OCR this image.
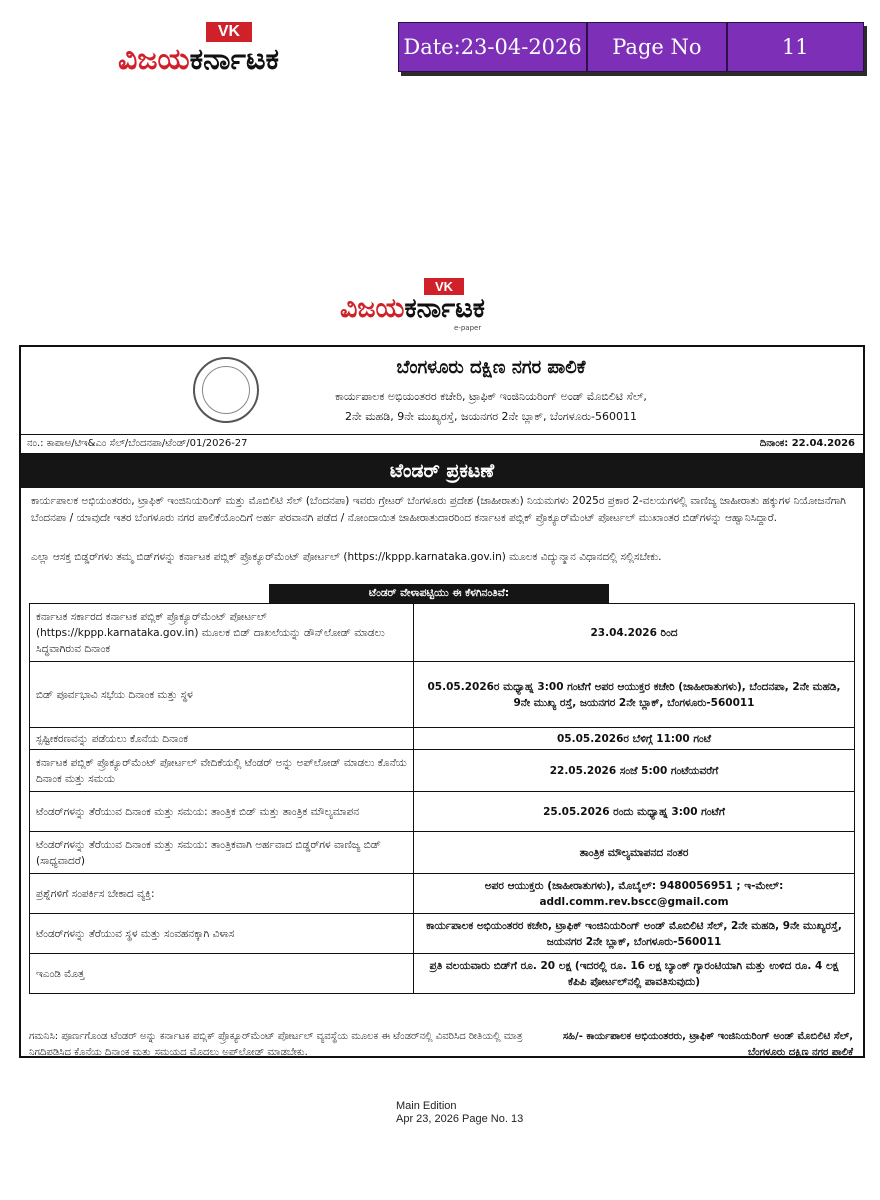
VK
ವಿಜಯಕರ್ನಾಟಕ	Date:23-04-2026	Page No	11
VK
ವಿಜಯಕರ್ನಾಟಕ
e-paper
ಬೆಂಗಳೂರು ದಕ್ಷಿಣ ನಗರ ಪಾಲಿಕೆ
ಕಾರ್ಯಪಾಲಕ ಅಭಿಯಂತರರ ಕಚೇರಿ, ಟ್ರಾಫಿಕ್ ಇಂಜಿನಿಯರಿಂಗ್ ಅಂಡ್ ಮೊಬಿಲಿಟಿ ಸೆಲ್,
2ನೇ ಮಹಡಿ, 9ನೇ ಮುಖ್ಯರಸ್ತೆ, ಜಯನಗರ 2ನೇ ಬ್ಲಾಕ್, ಬೆಂಗಳೂರು-560011
ನಂ.: ಕಾಪಾಅ/ಟಿಇ&ಎಂ ಸೆಲ್/ಬೆಂದನಪಾ/ಟೆಂಡ್/01/2026-27	ದಿನಾಂಕ: 22.04.2026
ಟೆಂಡರ್ ಪ್ರಕಟಣೆ
ಕಾರ್ಯಪಾಲಕ ಅಭಿಯಂತರರು, ಟ್ರಾಫಿಕ್ ಇಂಜಿನಿಯರಿಂಗ್ ಮತ್ತು ಮೊಬಿಲಿಟಿ ಸೆಲ್ (ಬೆಂದನಪಾ) ಇವರು ಗ್ರೇಟರ್ ಬೆಂಗಳೂರು ಪ್ರದೇಶ (ಜಾಹೀರಾತು) ನಿಯಮಗಳು 2025ರ ಪ್ರಕಾರ 2-ವಲಯಗಳಲ್ಲಿ ವಾಣಿಜ್ಯ ಜಾಹೀರಾತು ಹಕ್ಕುಗಳ ನಿಯೋಜನೆಗಾಗಿ ಬೆಂದನಪಾ / ಯಾವುದೇ ಇತರ ಬೆಂಗಳೂರು ನಗರ ಪಾಲಿಕೆಯೊಂದಿಗೆ ಅರ್ಹ ಪರವಾನಗಿ ಪಡೆದ / ನೋಂದಾಯಿತ ಜಾಹೀರಾತುದಾರರಿಂದ ಕರ್ನಾಟಕ ಪಬ್ಲಿಕ್ ಪ್ರೊಕ್ಯೂರ್‌ಮೆಂಟ್ ಪೋರ್ಟಲ್ ಮುಖಾಂತರ ಬಿಡ್‌ಗಳನ್ನು ಆಹ್ವಾನಿಸಿದ್ದಾರೆ.
ಎಲ್ಲಾ ಆಸಕ್ತ ಬಿಡ್ಡರ್‌ಗಳು ತಮ್ಮ ಬಿಡ್‌ಗಳನ್ನು ಕರ್ನಾಟಕ ಪಬ್ಲಿಕ್ ಪ್ರೊಕ್ಯೂರ್‌ಮೆಂಟ್ ಪೋರ್ಟಲ್ (https://kppp.karnataka.gov.in) ಮೂಲಕ ವಿದ್ಯುನ್ಮಾನ ವಿಧಾನದಲ್ಲಿ ಸಲ್ಲಿಸಬೇಕು.
ಟೆಂಡರ್ ವೇಳಾಪಟ್ಟಿಯು ಈ ಕೆಳಗಿನಂತಿವೆ:
ಕರ್ನಾಟಕ ಸರ್ಕಾರದ ಕರ್ನಾಟಕ ಪಬ್ಲಿಕ್ ಪ್ರೊಕ್ಯೂರ್‌ಮೆಂಟ್ ಪೋರ್ಟಲ್ (https://kppp.karnataka.gov.in) ಮೂಲಕ ಬಿಡ್ ದಾಖಲೆಯನ್ನು ಡೌನ್‌ಲೋಡ್ ಮಾಡಲು ಸಿದ್ಧವಾಗಿರುವ ದಿನಾಂಕ	23.04.2026 ರಿಂದ
ಬಿಡ್ ಪೂರ್ವಭಾವಿ ಸಭೆಯ ದಿನಾಂಕ ಮತ್ತು ಸ್ಥಳ	05.05.2026ರ ಮಧ್ಯಾಹ್ನ 3:00 ಗಂಟೆಗೆ ಅಪರ ಆಯುಕ್ತರ ಕಚೇರಿ (ಜಾಹೀರಾತುಗಳು), ಬೆಂದನಪಾ, 2ನೇ ಮಹಡಿ, 9ನೇ ಮುಖ್ಯ ರಸ್ತೆ, ಜಯನಗರ 2ನೇ ಬ್ಲಾಕ್, ಬೆಂಗಳೂರು-560011
ಸ್ಪಷ್ಟೀಕರಣವನ್ನು ಪಡೆಯಲು ಕೊನೆಯ ದಿನಾಂಕ	05.05.2026ರ ಬೆಳಿಗ್ಗೆ 11:00 ಗಂಟೆ
ಕರ್ನಾಟಕ ಪಬ್ಲಿಕ್ ಪ್ರೊಕ್ಯೂರ್‌ಮೆಂಟ್ ಪೋರ್ಟಲ್ ವೇದಿಕೆಯಲ್ಲಿ ಟೆಂಡರ್ ಅನ್ನು ಅಪ್‌ಲೋಡ್ ಮಾಡಲು ಕೊನೆಯ ದಿನಾಂಕ ಮತ್ತು ಸಮಯ	22.05.2026 ಸಂಜೆ 5:00 ಗಂಟೆಯವರೆಗೆ
ಟೆಂಡರ್‌ಗಳನ್ನು ತೆರೆಯುವ ದಿನಾಂಕ ಮತ್ತು ಸಮಯ: ತಾಂತ್ರಿಕ ಬಿಡ್ ಮತ್ತು ತಾಂತ್ರಿಕ ಮೌಲ್ಯಮಾಪನ	25.05.2026 ರಂದು ಮಧ್ಯಾಹ್ನ 3:00 ಗಂಟೆಗೆ
ಟೆಂಡರ್‌ಗಳನ್ನು ತೆರೆಯುವ ದಿನಾಂಕ ಮತ್ತು ಸಮಯ: ತಾಂತ್ರಿಕವಾಗಿ ಅರ್ಹವಾದ ಬಿಡ್ಡರ್‌ಗಳ ವಾಣಿಜ್ಯ ಬಿಡ್ (ಸಾಧ್ಯವಾದರೆ)	ತಾಂತ್ರಿಕ ಮೌಲ್ಯಮಾಪನದ ನಂತರ
ಪ್ರಶ್ನೆಗಳಿಗೆ ಸಂಪರ್ಕಿಸ ಬೇಕಾದ ವ್ಯಕ್ತಿ:	ಅಪರ ಆಯುಕ್ತರು (ಜಾಹೀರಾತುಗಳು), ಮೊಬೈಲ್: 9480056951 ; ಇ-ಮೇಲ್: addl.comm.rev.bscc@gmail.com
ಟೆಂಡರ್‌ಗಳನ್ನು ತೆರೆಯುವ ಸ್ಥಳ ಮತ್ತು ಸಂವಹನಕ್ಕಾಗಿ ವಿಳಾಸ	ಕಾರ್ಯಪಾಲಕ ಅಭಿಯಂತರರ ಕಚೇರಿ, ಟ್ರಾಫಿಕ್ ಇಂಜಿನಿಯರಿಂಗ್ ಅಂಡ್ ಮೊಬಿಲಿಟಿ ಸೆಲ್, 2ನೇ ಮಹಡಿ, 9ನೇ ಮುಖ್ಯರಸ್ತೆ, ಜಯನಗರ 2ನೇ ಬ್ಲಾಕ್, ಬೆಂಗಳೂರು-560011
ಇಎಂಡಿ ಮೊತ್ತ	ಪ್ರತಿ ವಲಯವಾರು ಬಿಡ್‌ಗೆ ರೂ. 20 ಲಕ್ಷ (ಇದರಲ್ಲಿ ರೂ. 16 ಲಕ್ಷ ಬ್ಯಾಂಕ್ ಗ್ಯಾರಂಟಿಯಾಗಿ ಮತ್ತು ಉಳಿದ ರೂ. 4 ಲಕ್ಷ ಕೆಪಿಪಿ ಪೋರ್ಟಲ್‌ನಲ್ಲಿ ಪಾವತಿಸುವುದು)
ಗಮನಿಸಿ: ಪೂರ್ಣಗೊಂಡ ಟೆಂಡರ್ ಅನ್ನು ಕರ್ನಾಟಕ ಪಬ್ಲಿಕ್ ಪ್ರೊಕ್ಯೂರ್‌ಮೆಂಟ್ ಪೋರ್ಟಲ್ ವ್ಯವಸ್ಥೆಯ ಮೂಲಕ ಈ ಟೆಂಡರ್‌ನಲ್ಲಿ ವಿವರಿಸಿದ ರೀತಿಯಲ್ಲಿ ಮಾತ್ರ ನಿಗದಿಪಡಿಸಿದ ಕೊನೆಯ ದಿನಾಂಕ ಮತ್ತು ಸಮಯದ ಮೊದಲು ಅಪ್‌ಲೋಡ್ ಮಾಡಬೇಕು.
ಸಹಿ/- ಕಾರ್ಯಪಾಲಕ ಅಭಿಯಂತರರು, ಟ್ರಾಫಿಕ್ ಇಂಜಿನಿಯರಿಂಗ್ ಅಂಡ್ ಮೊಬಿಲಿಟಿ ಸೆಲ್, ಬೆಂಗಳೂರು ದಕ್ಷಿಣ ನಗರ ಪಾಲಿಕೆ
Main Edition
Apr 23, 2026 Page No. 13
